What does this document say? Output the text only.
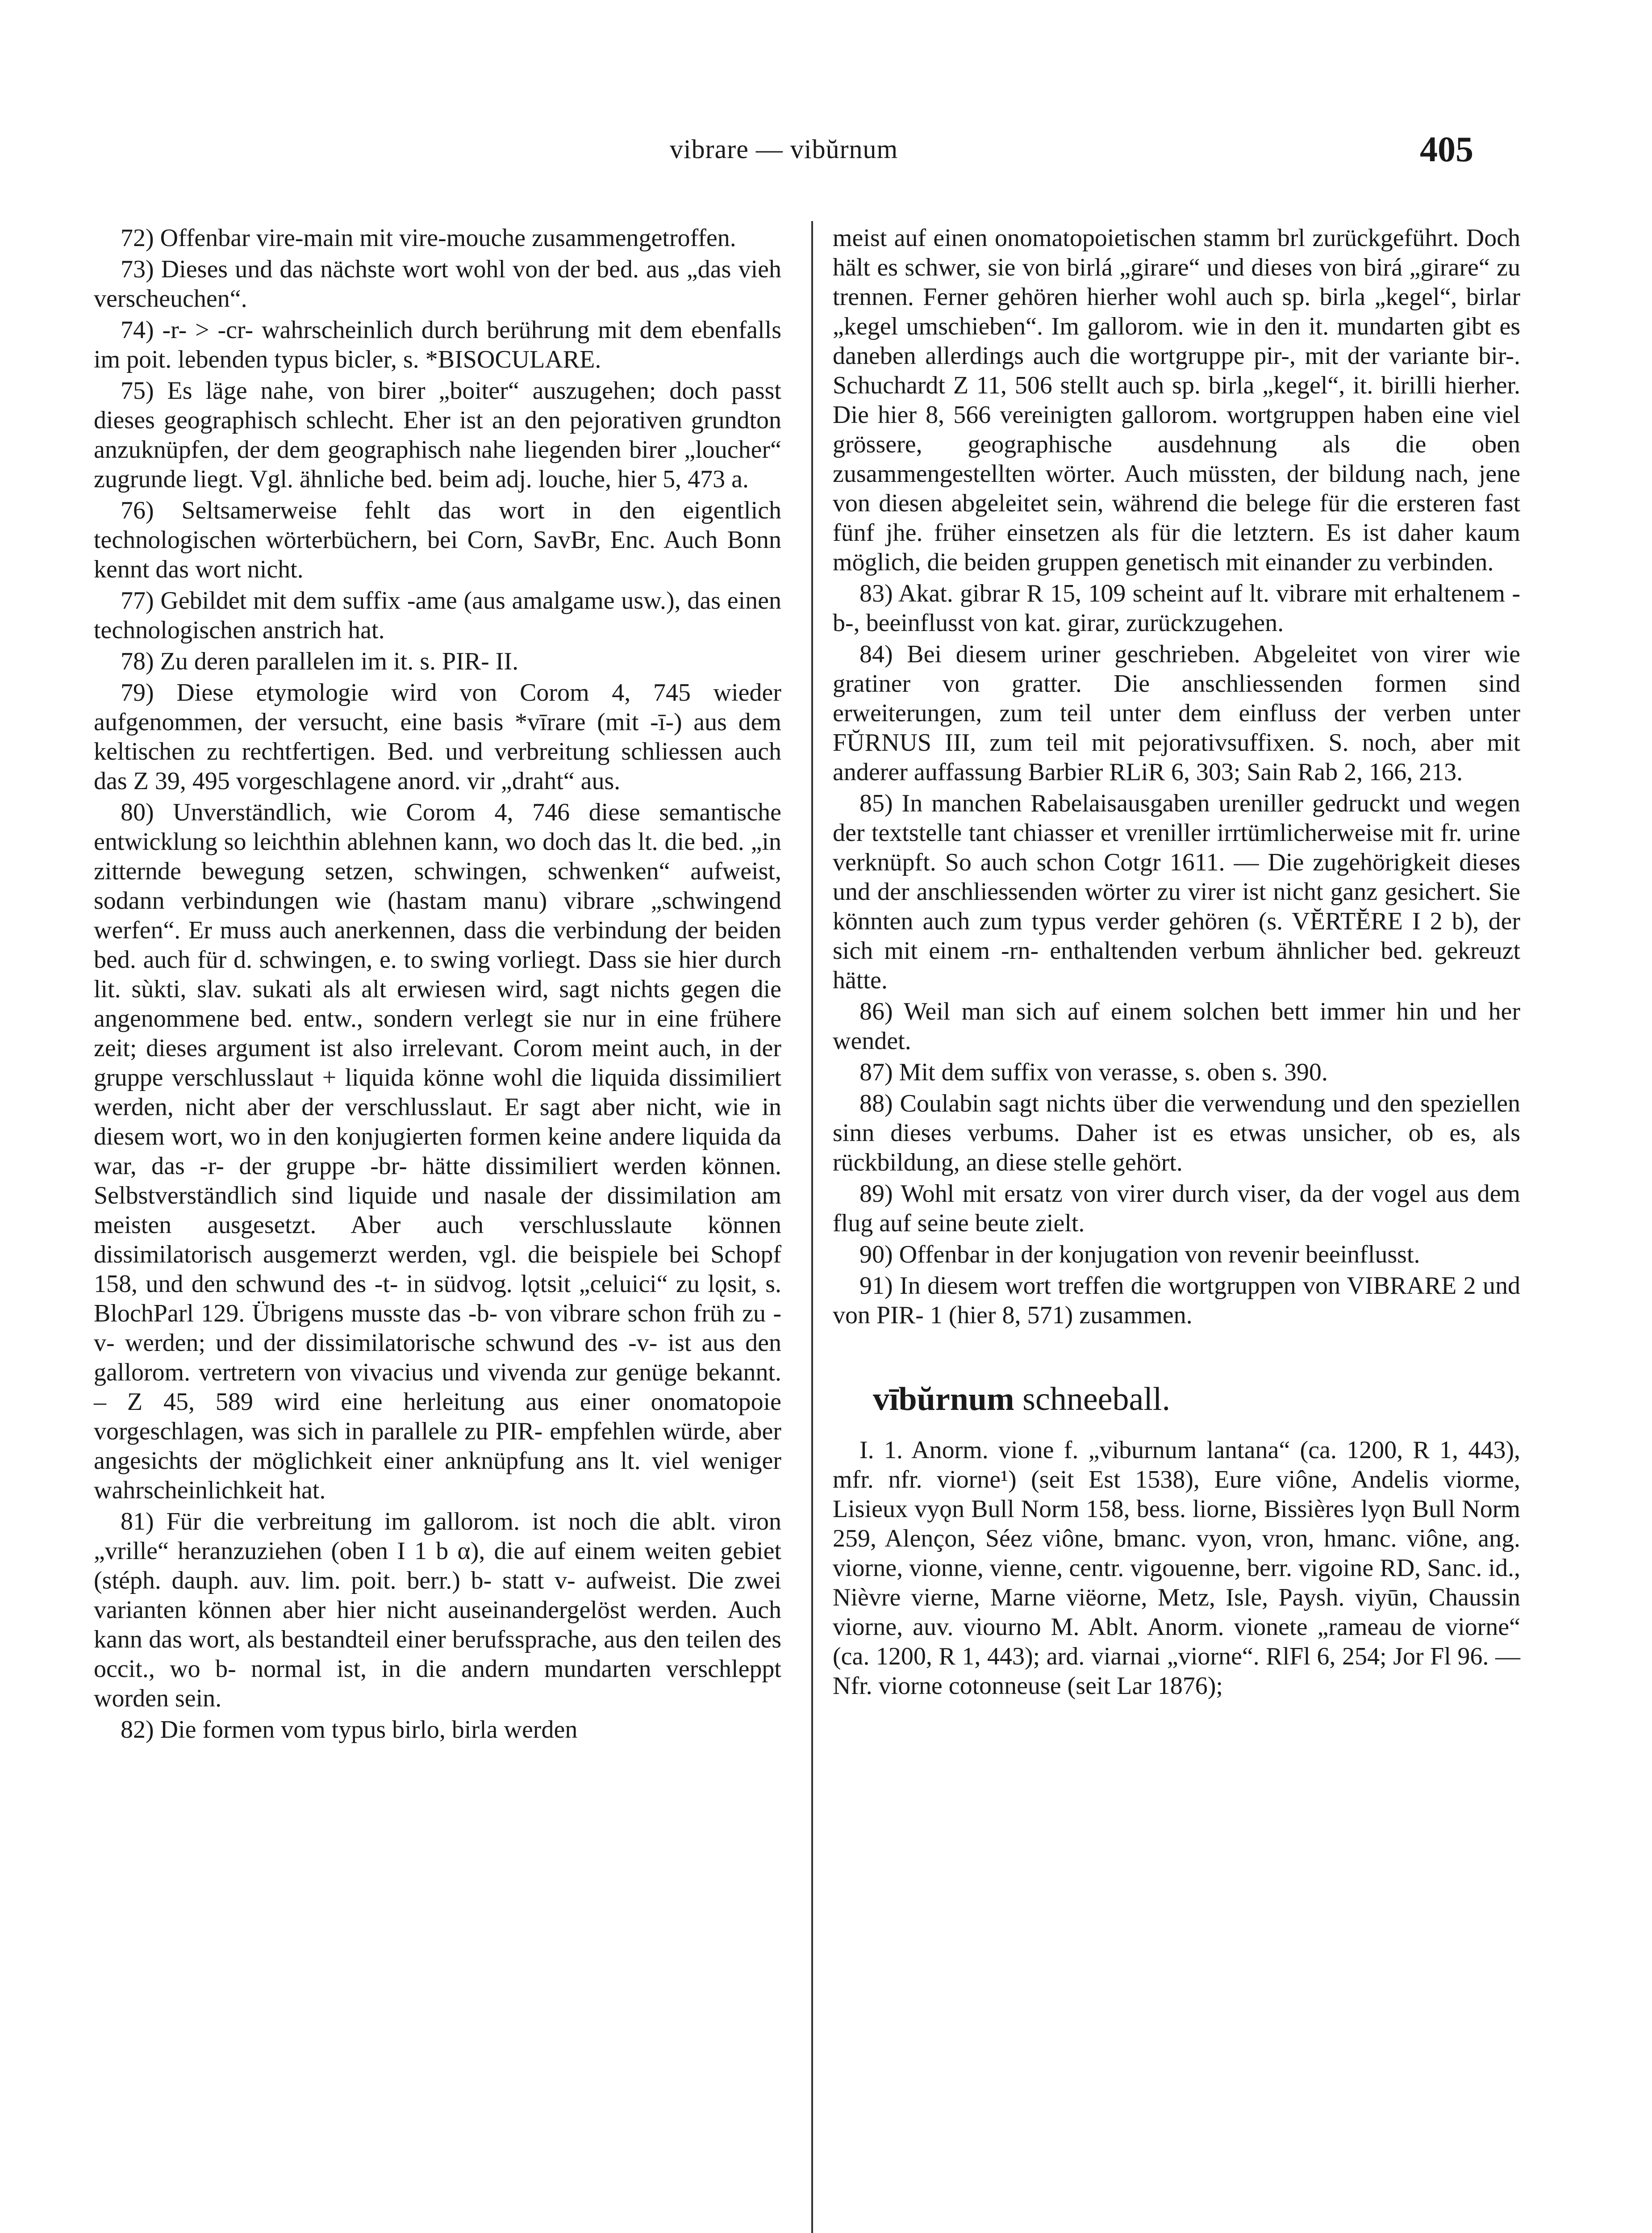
vibrare — vibŭrnum	405

72) Offenbar vire-main mit vire-mouche zusammengetroffen.

73) Dieses und das nächste wort wohl von der bed. aus „das vieh verscheuchen“.

74) -r- > -cr- wahrscheinlich durch berührung mit dem ebenfalls im poit. lebenden typus bicler, s. *BISOCULARE.

75) Es läge nahe, von birer „boiter“ auszugehen; doch passt dieses geographisch schlecht. Eher ist an den pejorativen grundton anzuknüpfen, der dem geographisch nahe liegenden birer „loucher“ zugrunde liegt. Vgl. ähnliche bed. beim adj. louche, hier 5, 473 a.

76) Seltsamerweise fehlt das wort in den eigentlich technologischen wörterbüchern, bei Corn, SavBr, Enc. Auch Bonn kennt das wort nicht.

77) Gebildet mit dem suffix -ame (aus amalgame usw.), das einen technologischen anstrich hat.

78) Zu deren parallelen im it. s. PIR- II.

79) Diese etymologie wird von Corom 4, 745 wieder aufgenommen, der versucht, eine basis *vīrare (mit -ī-) aus dem keltischen zu rechtfertigen. Bed. und verbreitung schliessen auch das Z 39, 495 vorgeschlagene anord. vir „draht“ aus.

80) Unverständlich, wie Corom 4, 746 diese semantische entwicklung so leichthin ablehnen kann, wo doch das lt. die bed. „in zitternde bewegung setzen, schwingen, schwenken“ aufweist, sodann verbindungen wie (hastam manu) vibrare „schwingend werfen“. Er muss auch anerkennen, dass die verbindung der beiden bed. auch für d. schwingen, e. to swing vorliegt. Dass sie hier durch lit. sùkti, slav. sukati als alt erwiesen wird, sagt nichts gegen die angenommene bed. entw., sondern verlegt sie nur in eine frühere zeit; dieses argument ist also irrelevant. Corom meint auch, in der gruppe verschlusslaut + liquida könne wohl die liquida dissimiliert werden, nicht aber der verschlusslaut. Er sagt aber nicht, wie in diesem wort, wo in den konjugierten formen keine andere liquida da war, das -r- der gruppe -br- hätte dissimiliert werden können. Selbstverständlich sind liquide und nasale der dissimilation am meisten ausgesetzt. Aber auch verschlusslaute können dissimilatorisch ausgemerzt werden, vgl. die beispiele bei Schopf 158, und den schwund des -t- in südvog. lǫtsit „celuici“ zu lǫsit, s. BlochParl 129. Übrigens musste das -b- von vibrare schon früh zu -v- werden; und der dissimilatorische schwund des -v- ist aus den gallorom. vertretern von vivacius und vivenda zur genüge bekannt. – Z 45, 589 wird eine herleitung aus einer onomatopoie vorgeschlagen, was sich in parallele zu PIR- empfehlen würde, aber angesichts der möglichkeit einer anknüpfung ans lt. viel weniger wahrscheinlichkeit hat.

81) Für die verbreitung im gallorom. ist noch die ablt. viron „vrille“ heranzuziehen (oben I 1 b α), die auf einem weiten gebiet (stéph. dauph. auv. lim. poit. berr.) b- statt v- aufweist. Die zwei varianten können aber hier nicht auseinandergelöst werden. Auch kann das wort, als bestandteil einer berufssprache, aus den teilen des occit., wo b- normal ist, in die andern mundarten verschleppt worden sein.

82) Die formen vom typus birlo, birla werden

meist auf einen onomatopoietischen stamm brl zurückgeführt. Doch hält es schwer, sie von birlá „girare“ und dieses von birá „girare“ zu trennen. Ferner gehören hierher wohl auch sp. birla „kegel“, birlar „kegel umschieben“. Im gallorom. wie in den it. mundarten gibt es daneben allerdings auch die wortgruppe pir-, mit der variante bir-. Schuchardt Z 11, 506 stellt auch sp. birla „kegel“, it. birilli hierher. Die hier 8, 566 vereinigten gallorom. wortgruppen haben eine viel grössere, geographische ausdehnung als die oben zusammengestellten wörter. Auch müssten, der bildung nach, jene von diesen abgeleitet sein, während die belege für die ersteren fast fünf jhe. früher einsetzen als für die letztern. Es ist daher kaum möglich, die beiden gruppen genetisch mit einander zu verbinden.

83) Akat. gibrar R 15, 109 scheint auf lt. vibrare mit erhaltenem -b-, beeinflusst von kat. girar, zurückzugehen.

84) Bei diesem uriner geschrieben. Abgeleitet von virer wie gratiner von gratter. Die anschliessenden formen sind erweiterungen, zum teil unter dem einfluss der verben unter FŬRNUS III, zum teil mit pejorativsuffixen. S. noch, aber mit anderer auffassung Barbier RLiR 6, 303; Sain Rab 2, 166, 213.

85) In manchen Rabelaisausgaben ureniller gedruckt und wegen der textstelle tant chiasser et vreniller irrtümlicherweise mit fr. urine verknüpft. So auch schon Cotgr 1611. — Die zugehörigkeit dieses und der anschliessenden wörter zu virer ist nicht ganz gesichert. Sie könnten auch zum typus verder gehören (s. VĔRTĔRE I 2 b), der sich mit einem -rn- enthaltenden verbum ähnlicher bed. gekreuzt hätte.

86) Weil man sich auf einem solchen bett immer hin und her wendet.

87) Mit dem suffix von verasse, s. oben s. 390.

88) Coulabin sagt nichts über die verwendung und den speziellen sinn dieses verbums. Daher ist es etwas unsicher, ob es, als rückbildung, an diese stelle gehört.

89) Wohl mit ersatz von virer durch viser, da der vogel aus dem flug auf seine beute zielt.

90) Offenbar in der konjugation von revenir beeinflusst.

91) In diesem wort treffen die wortgruppen von VIBRARE 2 und von PIR- 1 (hier 8, 571) zusammen.

vībŭrnum schneeball.

I. 1. Anorm. vione f. „viburnum lantana“ (ca. 1200, R 1, 443), mfr. nfr. viorne¹) (seit Est 1538), Eure viône, Andelis viorme, Lisieux vyǫn Bull Norm 158, bess. liorne, Bissières lyǫn Bull Norm 259, Alençon, Séez viône, bmanc. vyon, vron, hmanc. viône, ang. viorne, vionne, vienne, centr. vigouenne, berr. vigoine RD, Sanc. id., Nièvre vierne, Marne viëorne, Metz, Isle, Paysh. viyūn, Chaussin viorne, auv. viourno M. Ablt. Anorm. vionete „rameau de viorne“ (ca. 1200, R 1, 443); ard. viarnai „viorne“. RlFl 6, 254; Jor Fl 96. — Nfr. viorne cotonneuse (seit Lar 1876);
